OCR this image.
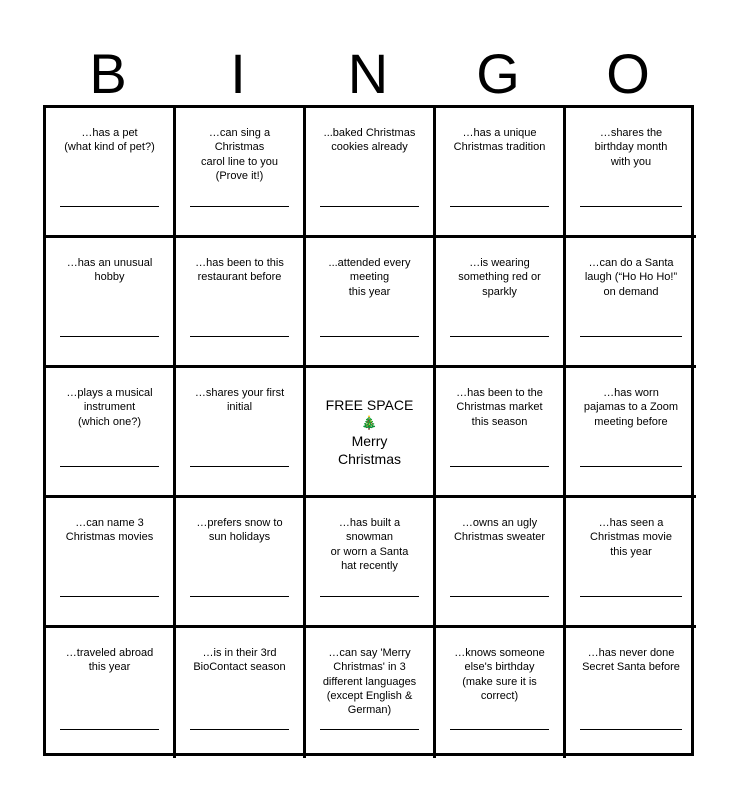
B	I	N	G	O
…has a pet
(what kind of pet?)
…can sing a
Christmas
carol line to you
(Prove it!)
...baked Christmas
cookies already
…has a unique
Christmas tradition
…shares the
birthday month
with you
…has an unusual
hobby
…has been to this
restaurant before
...attended every
meeting
this year
…is wearing
something red or
sparkly
…can do a Santa
laugh (“Ho Ho Ho!”
on demand
…plays a musical
instrument
(which one?)
…shares your first
initial	FREE SPACE
🎄
Merry
Christmas
…has been to the
Christmas market
this season
…has worn
pajamas to a Zoom
meeting before
…can name 3
Christmas movies
…prefers snow to
sun holidays
…has built a
snowman
or worn a Santa
hat recently
…owns an ugly
Christmas sweater
…has seen a
Christmas movie
this year
…traveled abroad
this year
…is in their 3rd
BioContact season
…can say 'Merry
Christmas' in 3
different languages
(except English &
German)
…knows someone
else's birthday
(make sure it is
correct)
…has never done
Secret Santa before
